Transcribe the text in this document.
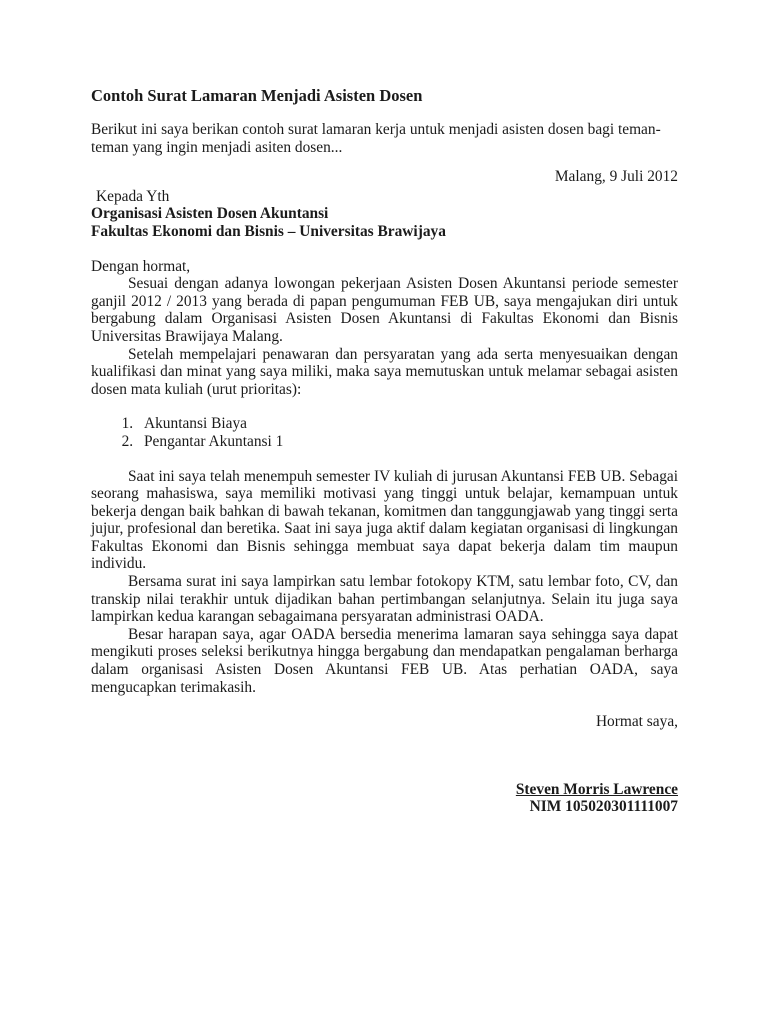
Contoh Surat Lamaran Menjadi Asisten Dosen

Berikut ini saya berikan contoh surat lamaran kerja untuk menjadi asisten dosen bagi teman-teman yang ingin menjadi asiten dosen...

Malang, 9 Juli 2012

Kepada Yth

Organisasi Asisten Dosen Akuntansi

Fakultas Ekonomi dan Bisnis – Universitas Brawijaya

Dengan hormat,

Sesuai dengan adanya lowongan pekerjaan Asisten Dosen Akuntansi periode semester ganjil 2012 / 2013 yang berada di papan pengumuman FEB UB, saya mengajukan diri untuk bergabung dalam Organisasi Asisten Dosen Akuntansi di Fakultas Ekonomi dan Bisnis Universitas Brawijaya Malang.

Setelah mempelajari penawaran dan persyaratan yang ada serta menyesuaikan dengan kualifikasi dan minat yang saya miliki, maka saya memutuskan untuk melamar sebagai asisten dosen mata kuliah (urut prioritas):

1. Akuntansi Biaya
2. Pengantar Akuntansi 1

Saat ini saya telah menempuh semester IV kuliah di jurusan Akuntansi FEB UB. Sebagai seorang mahasiswa, saya memiliki motivasi yang tinggi untuk belajar, kemampuan untuk bekerja dengan baik bahkan di bawah tekanan, komitmen dan tanggungjawab yang tinggi serta jujur, profesional dan beretika. Saat ini saya juga aktif dalam kegiatan organisasi di lingkungan Fakultas Ekonomi dan Bisnis sehingga membuat saya dapat bekerja dalam tim maupun individu.

Bersama surat ini saya lampirkan satu lembar fotokopy KTM, satu lembar foto, CV, dan transkip nilai terakhir untuk dijadikan bahan pertimbangan selanjutnya. Selain itu juga saya lampirkan kedua karangan sebagaimana persyaratan administrasi OADA.

Besar harapan saya, agar OADA bersedia menerima lamaran saya sehingga saya dapat mengikuti proses seleksi berikutnya hingga bergabung dan mendapatkan pengalaman berharga dalam organisasi Asisten Dosen Akuntansi FEB UB. Atas perhatian OADA, saya mengucapkan terimakasih.

Hormat saya,

Steven Morris Lawrence

NIM 105020301111007
